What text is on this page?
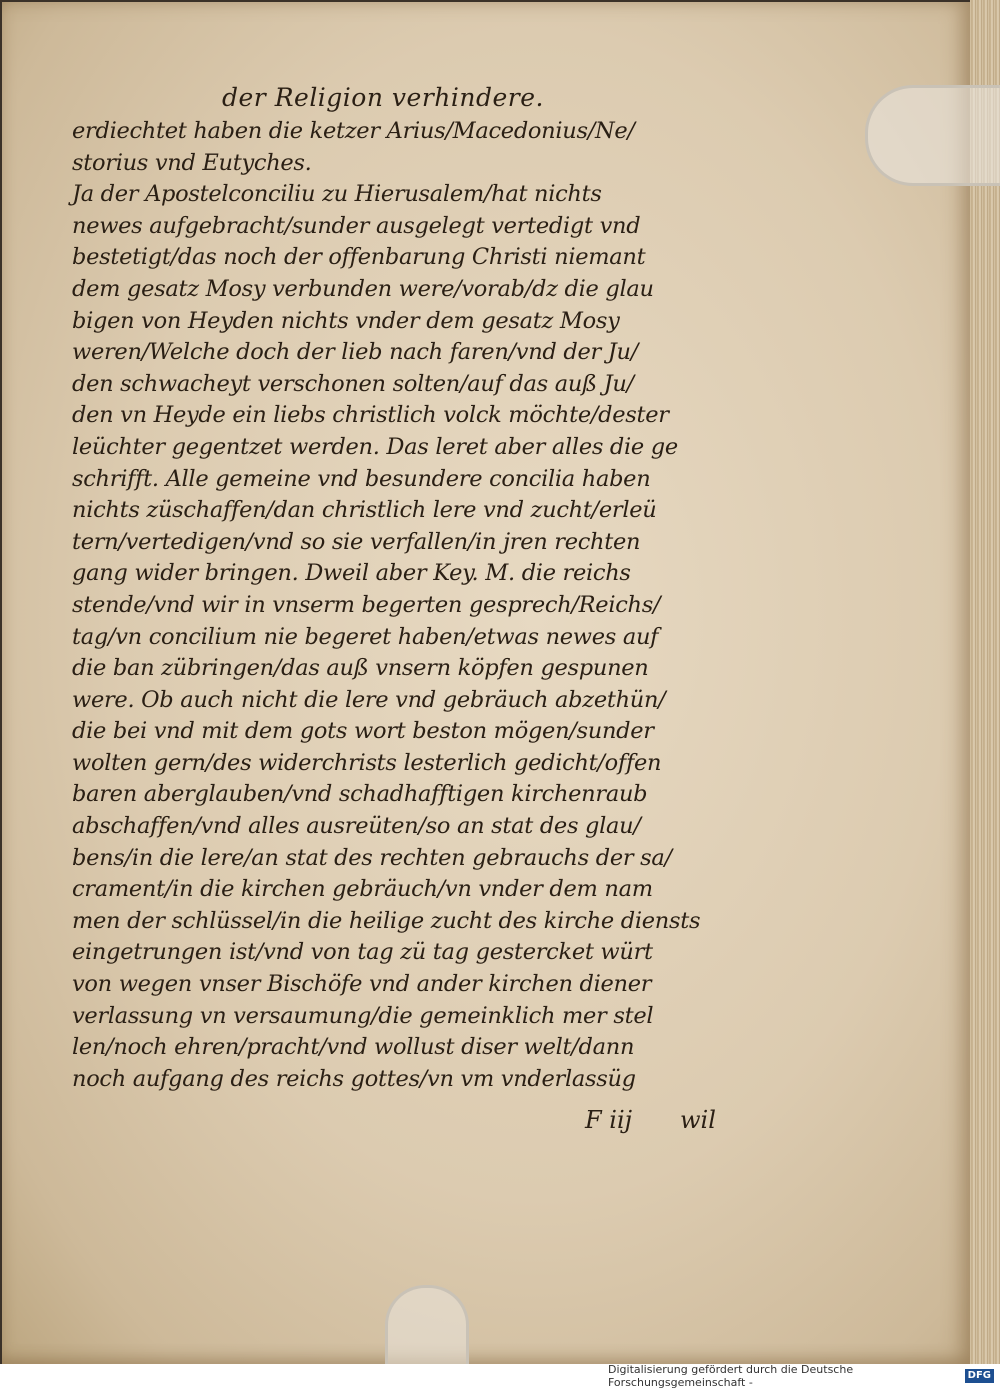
der Religion verhindere.
erdiechtet haben die ketzer Arius/Macedonius/Ne/
storius vnd Eutyches.
Ja der Apostelconciliu zu Hierusalem/hat nichts
newes aufgebracht/sunder ausgelegt vertedigt vnd
bestetigt/das noch der offenbarung Christi niemant
dem gesatz Mosy verbunden were/vorab/dz die glau
bigen von Heyden nichts vnder dem gesatz Mosy
weren/Welche doch der lieb nach faren/vnd der Ju/
den schwacheyt verschonen solten/auf das auß Ju/
den vn Heyde ein liebs christlich volck möchte/dester
leüchter gegentzet werden. Das leret aber alles die ge
schrifft. Alle gemeine vnd besundere concilia haben
nichts züschaffen/dan christlich lere vnd zucht/erleü
tern/vertedigen/vnd so sie verfallen/in jren rechten
gang wider bringen. Dweil aber Key. M. die reichs
stende/vnd wir in vnserm begerten gesprech/Reichs/
tag/vn concilium nie begeret haben/etwas newes auf
die ban zübringen/das auß vnsern köpfen gespunen
were. Ob auch nicht die lere vnd gebräuch abzethün/
die bei vnd mit dem gots wort beston mögen/sunder
wolten gern/des widerchrists lesterlich gedicht/offen
baren aberglauben/vnd schadhafftigen kirchenraub
abschaffen/vnd alles ausreüten/so an stat des glau/
bens/in die lere/an stat des rechten gebrauchs der sa/
crament/in die kirchen gebräuch/vn vnder dem nam
men der schlüssel/in die heilige zucht des kirche diensts
eingetrungen ist/vnd von tag zü tag gestercket würt
von wegen vnser Bischöfe vnd ander kirchen diener
verlassung vn versaumung/die gemeinklich mer stel
len/noch ehren/pracht/vnd wollust diser welt/dann
noch aufgang des reichs gottes/vn vm vnderlassüg
F iij wil
Digitalisierung gefördert durch die Deutsche Forschungsgemeinschaft -
DFG
